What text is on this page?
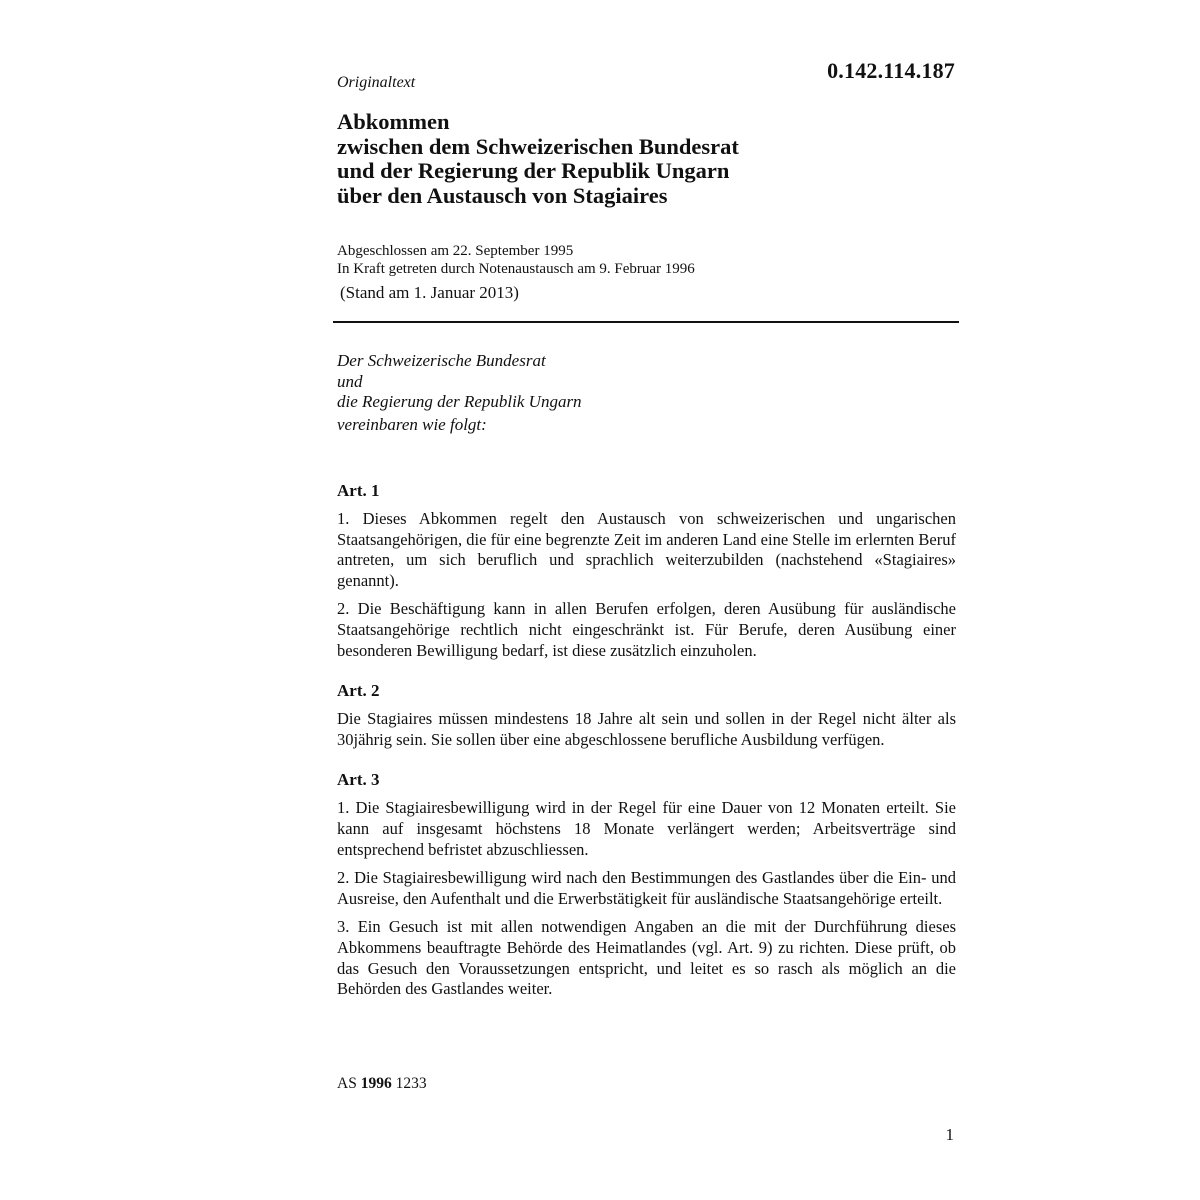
0.142.114.187
Originaltext
Abkommen
zwischen dem Schweizerischen Bundesrat
und der Regierung der Republik Ungarn
über den Austausch von Stagiaires
Abgeschlossen am 22. September 1995
In Kraft getreten durch Notenaustausch am 9. Februar 1996
(Stand am 1. Januar 2013)
Der Schweizerische Bundesrat
und
die Regierung der Republik Ungarn
vereinbaren wie folgt:
Art. 1

1. Dieses Abkommen regelt den Austausch von schweizerischen und ungarischen Staatsangehörigen, die für eine begrenzte Zeit im anderen Land eine Stelle im erlernten Beruf antreten, um sich beruflich und sprachlich weiterzubilden (nachstehend «Stagiaires» genannt).

2. Die Beschäftigung kann in allen Berufen erfolgen, deren Ausübung für ausländische Staatsangehörige rechtlich nicht eingeschränkt ist. Für Berufe, deren Ausübung einer besonderen Bewilligung bedarf, ist diese zusätzlich einzuholen.

Art. 2

Die Stagiaires müssen mindestens 18 Jahre alt sein und sollen in der Regel nicht älter als 30jährig sein. Sie sollen über eine abgeschlossene berufliche Ausbildung verfügen.

Art. 3

1. Die Stagiairesbewilligung wird in der Regel für eine Dauer von 12 Monaten erteilt. Sie kann auf insgesamt höchstens 18 Monate verlängert werden; Arbeitsverträge sind entsprechend befristet abzuschliessen.

2. Die Stagiairesbewilligung wird nach den Bestimmungen des Gastlandes über die Ein- und Ausreise, den Aufenthalt und die Erwerbstätigkeit für ausländische Staatsangehörige erteilt.

3. Ein Gesuch ist mit allen notwendigen Angaben an die mit der Durchführung dieses Abkommens beauftragte Behörde des Heimatlandes (vgl. Art. 9) zu richten. Diese prüft, ob das Gesuch den Voraussetzungen entspricht, und leitet es so rasch als möglich an die Behörden des Gastlandes weiter.

AS 1996 1233
1
